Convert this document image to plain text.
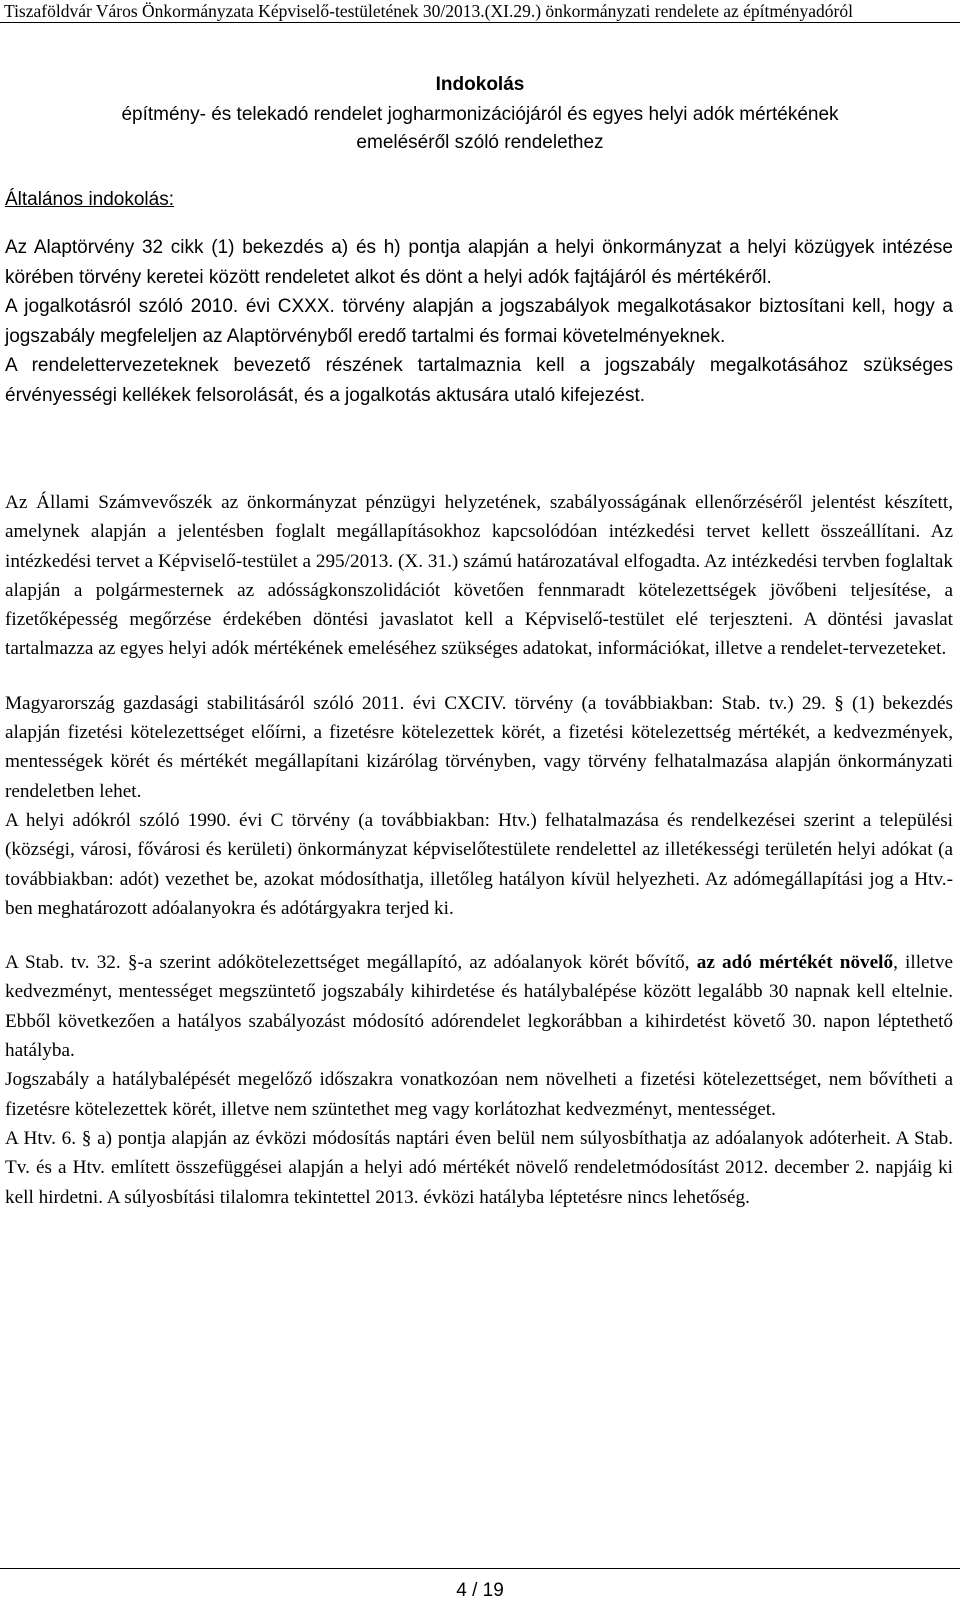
Tiszaföldvár Város Önkormányzata Képviselő-testületének 30/2013.(XI.29.) önkormányzati rendelete az építményadóról
Indokolás
építmény- és telekadó rendelet jogharmonizációjáról és egyes helyi adók mértékének
emeléséről szóló rendelethez
Általános indokolás:

Az Alaptörvény 32 cikk (1) bekezdés a) és h) pontja alapján a helyi önkormányzat a helyi közügyek intézése körében törvény keretei között rendeletet alkot és dönt a helyi adók fajtájáról és mértékéről.

A jogalkotásról szóló 2010. évi CXXX. törvény alapján a jogszabályok megalkotásakor biztosítani kell, hogy a jogszabály megfeleljen az Alaptörvényből eredő tartalmi és formai követelményeknek.

A rendelettervezeteknek bevezető részének tartalmaznia kell a jogszabály megalkotásához szükséges érvényességi kellékek felsorolását, és a jogalkotás aktusára utaló kifejezést.

Az Állami Számvevőszék az önkormányzat pénzügyi helyzetének, szabályosságának ellenőrzéséről jelentést készített, amelynek alapján a jelentésben foglalt megállapításokhoz kapcsolódóan intézkedési tervet kellett összeállítani. Az intézkedési tervet a Képviselő-testület a 295/2013. (X. 31.) számú határozatával elfogadta. Az intézkedési tervben foglaltak alapján a polgármesternek az adósságkonszolidációt követően fennmaradt kötelezettségek jövőbeni teljesítése, a fizetőképesség megőrzése érdekében döntési javaslatot kell a Képviselő-testület elé terjeszteni. A döntési javaslat tartalmazza az egyes helyi adók mértékének emeléséhez szükséges adatokat, információkat, illetve a rendelet-tervezeteket.

Magyarország gazdasági stabilitásáról szóló 2011. évi CXCIV. törvény (a továbbiakban: Stab. tv.) 29. § (1) bekezdés alapján fizetési kötelezettséget előírni, a fizetésre kötelezettek körét, a fizetési kötelezettség mértékét, a kedvezmények, mentességek körét és mértékét megállapítani kizárólag törvényben, vagy törvény felhatalmazása alapján önkormányzati rendeletben lehet.

A helyi adókról szóló 1990. évi C törvény (a továbbiakban: Htv.) felhatalmazása és rendelkezései szerint a települési (községi, városi, fővárosi és kerületi) önkormányzat képviselőtestülete rendelettel az illetékességi területén helyi adókat (a továbbiakban: adót) vezethet be, azokat módosíthatja, illetőleg hatályon kívül helyezheti. Az adómegállapítási jog a Htv.-ben meghatározott adóalanyokra és adótárgyakra terjed ki.

A Stab. tv. 32. §-a szerint adókötelezettséget megállapító, az adóalanyok körét bővítő, az adó mértékét növelő, illetve kedvezményt, mentességet megszüntető jogszabály kihirdetése és hatálybalépése között legalább 30 napnak kell eltelnie. Ebből következően a hatályos szabályozást módosító adórendelet legkorábban a kihirdetést követő 30. napon léptethető hatályba.

Jogszabály a hatálybalépését megelőző időszakra vonatkozóan nem növelheti a fizetési kötelezettséget, nem bővítheti a fizetésre kötelezettek körét, illetve nem szüntethet meg vagy korlátozhat kedvezményt, mentességet.

A Htv. 6. § a) pontja alapján az évközi módosítás naptári éven belül nem súlyosbíthatja az adóalanyok adóterheit. A Stab. Tv. és a Htv. említett összefüggései alapján a helyi adó mértékét növelő rendeletmódosítást 2012. december 2. napjáig ki kell hirdetni. A súlyosbítási tilalomra tekintettel 2013. évközi hatályba léptetésre nincs lehetőség.

4 / 19
